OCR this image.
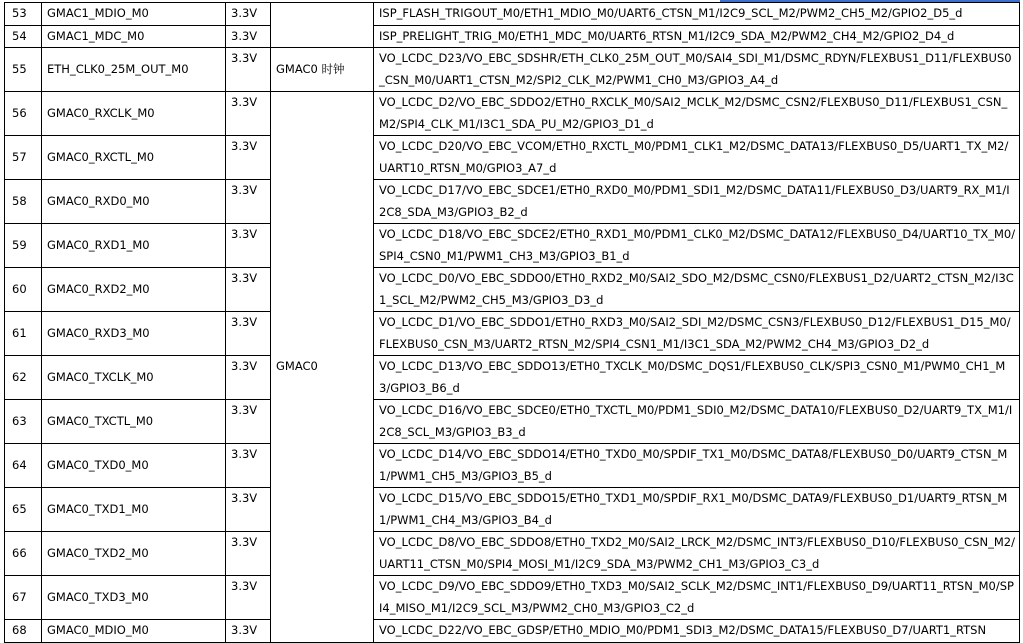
53	GMAC1_MDIO_M0	3.3V		ISP_FLASH_TRIGOUT_M0/ETH1_MDIO_M0/UART6_CTSN_M1/I2C9_SCL_M2/PWM2_CH5_M2/GPIO2_D5_d
54	GMAC1_MDC_M0	3.3V		ISP_PRELIGHT_TRIG_M0/ETH1_MDC_M0/UART6_RTSN_M1/I2C9_SDA_M2/PWM2_CH4_M2/GPIO2_D4_d
55	ETH_CLK0_25M_OUT_M0	3.3V	GMAC0 时钟	VO_LCDC_D23/VO_EBC_SDSHR/ETH_CLK0_25M_OUT_M0/SAI4_SDI_M1/DSMC_RDYN/FLEXBUS1_D11/FLEXBUS0_CSN_M0/UART1_CTSN_M2/SPI2_CLK_M2/PWM1_CH0_M3/GPIO3_A4_d
56	GMAC0_RXCLK_M0	3.3V	GMAC0	VO_LCDC_D2/VO_EBC_SDDO2/ETH0_RXCLK_M0/SAI2_MCLK_M2/DSMC_CSN2/FLEXBUS0_D11/FLEXBUS1_CSN_M2/SPI4_CLK_M1/I3C1_SDA_PU_M2/GPIO3_D1_d
57	GMAC0_RXCTL_M0	3.3V		VO_LCDC_D20/VO_EBC_VCOM/ETH0_RXCTL_M0/PDM1_CLK1_M2/DSMC_DATA13/FLEXBUS0_D5/UART1_TX_M2/UART10_RTSN_M0/GPIO3_A7_d
58	GMAC0_RXD0_M0	3.3V		VO_LCDC_D17/VO_EBC_SDCE1/ETH0_RXD0_M0/PDM1_SDI1_M2/DSMC_DATA11/FLEXBUS0_D3/UART9_RX_M1/I2C8_SDA_M3/GPIO3_B2_d
59	GMAC0_RXD1_M0	3.3V		VO_LCDC_D18/VO_EBC_SDCE2/ETH0_RXD1_M0/PDM1_CLK0_M2/DSMC_DATA12/FLEXBUS0_D4/UART10_TX_M0/SPI4_CSN0_M1/PWM1_CH3_M3/GPIO3_B1_d
60	GMAC0_RXD2_M0	3.3V		VO_LCDC_D0/VO_EBC_SDDO0/ETH0_RXD2_M0/SAI2_SDO_M2/DSMC_CSN0/FLEXBUS1_D2/UART2_CTSN_M2/I3C1_SCL_M2/PWM2_CH5_M3/GPIO3_D3_d
61	GMAC0_RXD3_M0	3.3V		VO_LCDC_D1/VO_EBC_SDDO1/ETH0_RXD3_M0/SAI2_SDI_M2/DSMC_CSN3/FLEXBUS0_D12/FLEXBUS1_D15_M0/FLEXBUS0_CSN_M3/UART2_RTSN_M2/SPI4_CSN1_M1/I3C1_SDA_M2/PWM2_CH4_M3/GPIO3_D2_d
62	GMAC0_TXCLK_M0	3.3V		VO_LCDC_D13/VO_EBC_SDDO13/ETH0_TXCLK_M0/DSMC_DQS1/FLEXBUS0_CLK/SPI3_CSN0_M1/PWM0_CH1_M3/GPIO3_B6_d
63	GMAC0_TXCTL_M0	3.3V		VO_LCDC_D16/VO_EBC_SDCE0/ETH0_TXCTL_M0/PDM1_SDI0_M2/DSMC_DATA10/FLEXBUS0_D2/UART9_TX_M1/I2C8_SCL_M3/GPIO3_B3_d
64	GMAC0_TXD0_M0	3.3V		VO_LCDC_D14/VO_EBC_SDDO14/ETH0_TXD0_M0/SPDIF_TX1_M0/DSMC_DATA8/FLEXBUS0_D0/UART9_CTSN_M1/PWM1_CH5_M3/GPIO3_B5_d
65	GMAC0_TXD1_M0	3.3V		VO_LCDC_D15/VO_EBC_SDDO15/ETH0_TXD1_M0/SPDIF_RX1_M0/DSMC_DATA9/FLEXBUS0_D1/UART9_RTSN_M1/PWM1_CH4_M3/GPIO3_B4_d
66	GMAC0_TXD2_M0	3.3V		VO_LCDC_D8/VO_EBC_SDDO8/ETH0_TXD2_M0/SAI2_LRCK_M2/DSMC_INT3/FLEXBUS0_D10/FLEXBUS0_CSN_M2/UART11_CTSN_M0/SPI4_MOSI_M1/I2C9_SDA_M3/PWM2_CH1_M3/GPIO3_C3_d
67	GMAC0_TXD3_M0	3.3V		VO_LCDC_D9/VO_EBC_SDDO9/ETH0_TXD3_M0/SAI2_SCLK_M2/DSMC_INT1/FLEXBUS0_D9/UART11_RTSN_M0/SPI4_MISO_M1/I2C9_SCL_M3/PWM2_CH0_M3/GPIO3_C2_d
68	GMAC0_MDIO_M0	3.3V		VO_LCDC_D22/VO_EBC_GDSP/ETH0_MDIO_M0/PDM1_SDI3_M2/DSMC_DATA15/FLEXBUS0_D7/UART1_RTSN
